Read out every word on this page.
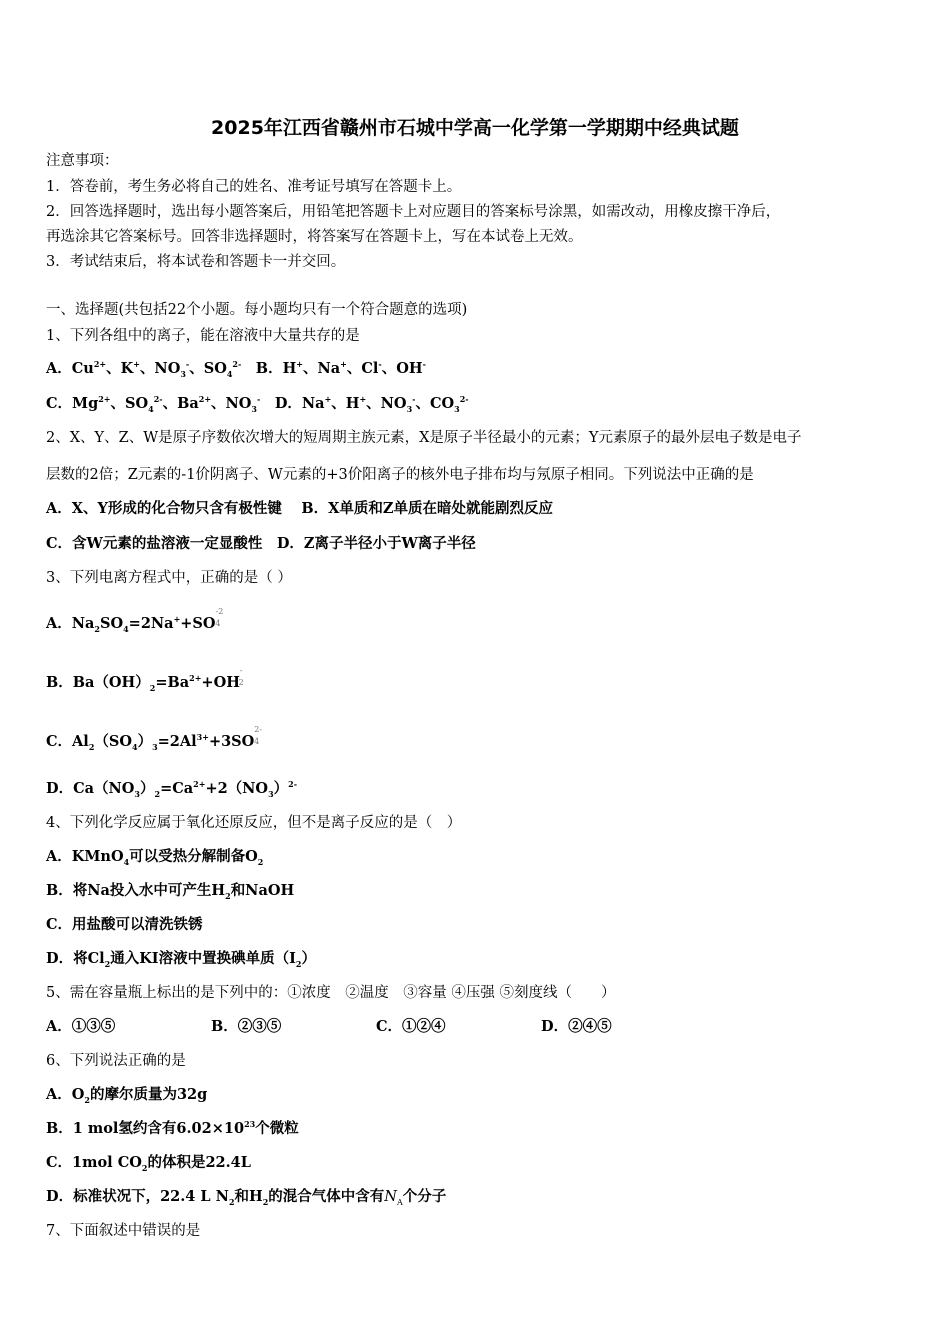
2025年江西省赣州市石城中学高一化学第一学期期中经典试题
注意事项：
1．答卷前，考生务必将自己的姓名、准考证号填写在答题卡上。
2．回答选择题时，选出每小题答案后，用铅笔把答题卡上对应题目的答案标号涂黑，如需改动，用橡皮擦干净后，
再选涂其它答案标号。回答非选择题时，将答案写在答题卡上，写在本试卷上无效。
3．考试结束后，将本试卷和答题卡一并交回。
一、选择题(共包括22个小题。每小题均只有一个符合题意的选项)
1、下列各组中的离子，能在溶液中大量共存的是
A．$Cu^{2+}$、K+、$NO_3^-$、$SO_4^{2-}$　B．H+、Na+、Cl-、OH-
C．$Mg^{2+}$、$SO_4^{2-}$、$Ba^{2+}$、$NO_3^-$　D．Na+、H+、$NO_3^-$、$CO_3^{2-}$
2、X、Y、Z、W是原子序数依次增大的短周期主族元素，X是原子半径最小的元素；Y元素原子的最外层电子数是电子
层数的2倍；Z元素的-1价阴离子、W元素的+3价阳离子的核外电子排布均与氖原子相同。下列说法中正确的是
A．X、Y形成的化合物只含有极性键　 B．X单质和Z单质在暗处就能剧烈反应
C．含W元素的盐溶液一定显酸性　 D．Z离子半径小于W离子半径
3、下列电离方程式中，正确的是（ ）
A．$Na_2SO_4=2Na^++SO^{-2}4$
B．$Ba(OH)_2=Ba^{2+}+OH^-2$
C．$Al_2(SO_4)_3=2Al^{3+}+3SO^{2-}4$
D．$Ca(NO_3)_2=Ca^{2+}+2(NO_3)^{2-}$
4、下列化学反应属于氧化还原反应，但不是离子反应的是（　）
A．KMnO$_4$可以受热分解制备$O_2$
B．将Na投入水中可产生$H_2$和NaOH
C．用盐酸可以清洗铁锈
D．将$Cl_2$通入KI溶液中置换碘单质$(I_2)$
5、需在容量瓶上标出的是下列中的：①浓度　②温度　③容量 ④压强 ⑤刻度线（　　）
A．①③⑤	B．②③⑤	C．①②④	D．②④⑤
6、下列说法正确的是
A．$O_2$的摩尔质量为32g
B．1 mol氢约含有$6.02\times 10^{23}$个微粒
C．1mol $CO_2$的体积是22.4L
D．标准状况下，22.4 L $N_2$和$H_2$的混合气体中含有$N_A$个分子
7、下面叙述中错误的是
